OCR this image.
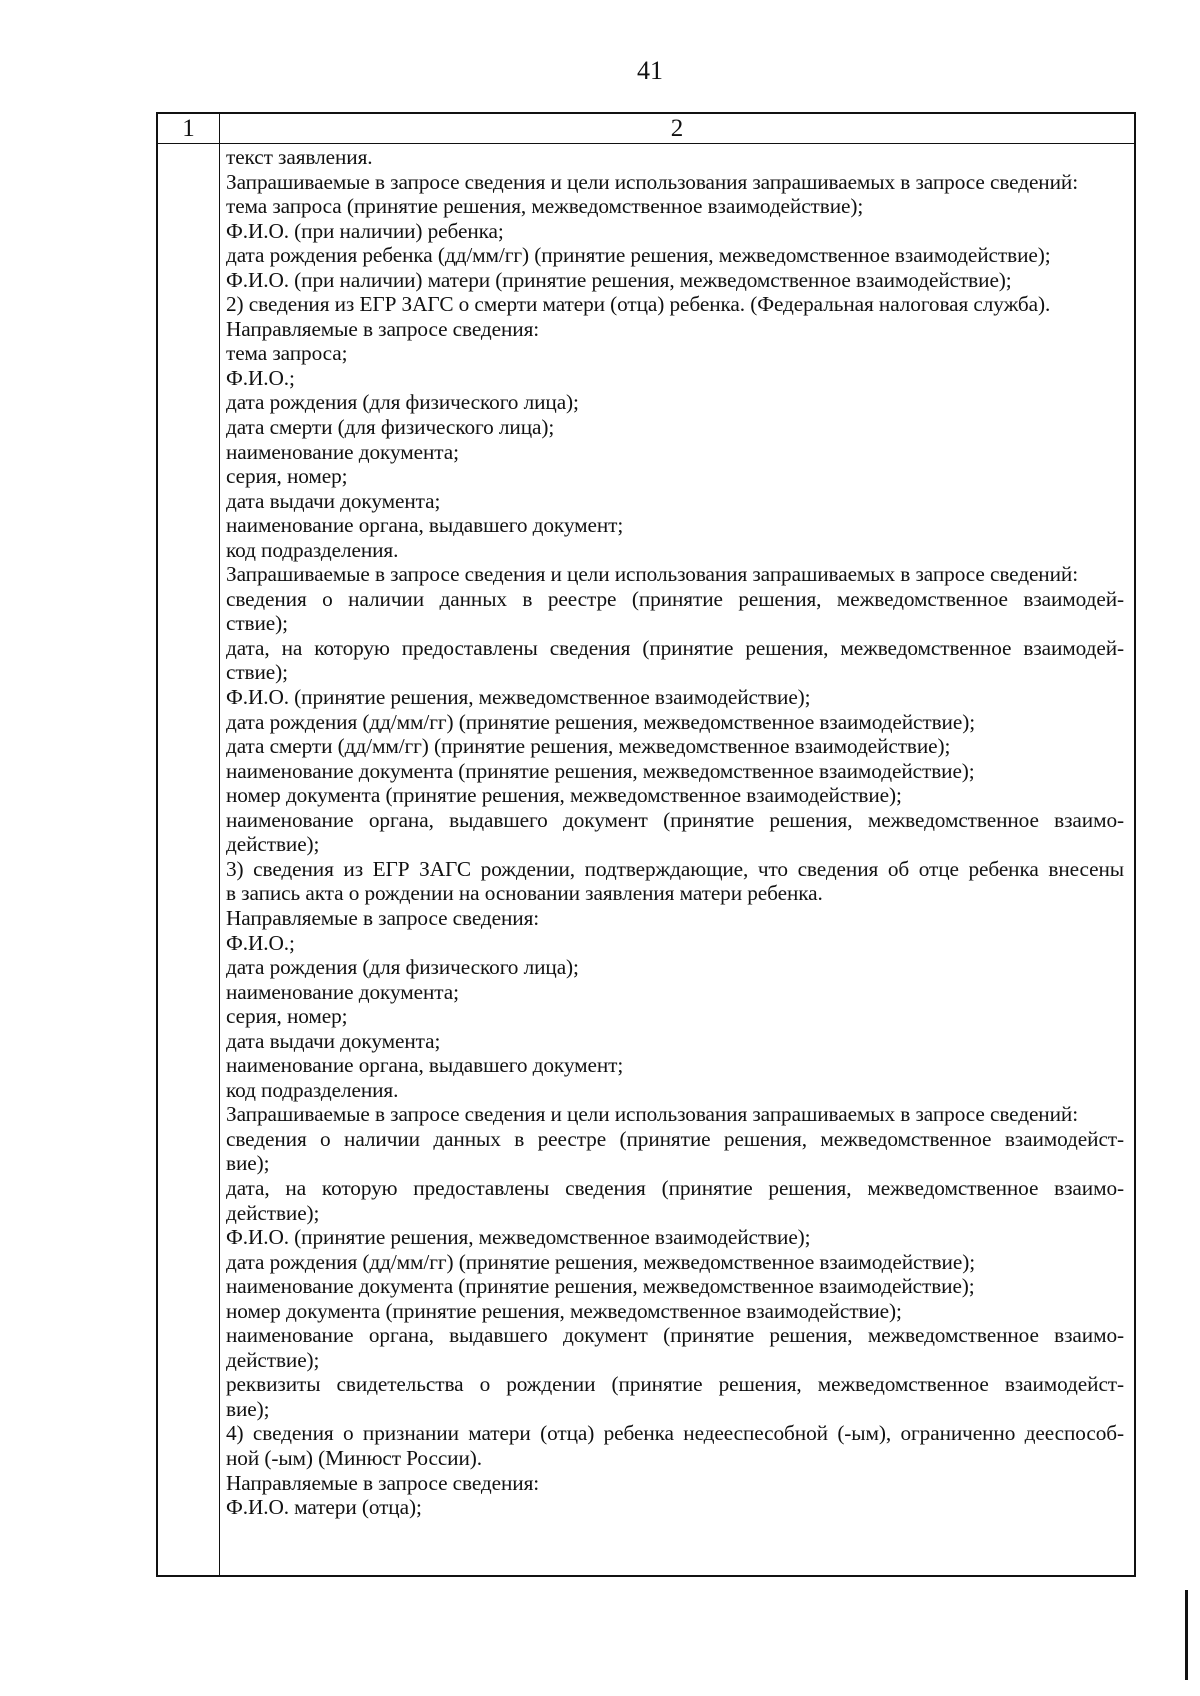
41
1	2
текст заявления.
Запрашиваемые в запросе сведения и цели использования запрашиваемых в запросе сведений:
тема запроса (принятие решения, межведомственное взаимодействие);
Ф.И.О. (при наличии) ребенка;
дата рождения ребенка (дд/мм/гг) (принятие решения, межведомственное взаимодействие);
Ф.И.О. (при наличии) матери (принятие решения, межведомственное взаимодействие);
2) сведения из ЕГР ЗАГС о смерти матери (отца) ребенка. (Федеральная налоговая служба).
Направляемые в запросе сведения:
тема запроса;
Ф.И.О.;
дата рождения (для физического лица);
дата смерти (для физического лица);
наименование документа;
серия, номер;
дата выдачи документа;
наименование органа, выдавшего документ;
код подразделения.
Запрашиваемые в запросе сведения и цели использования запрашиваемых в запросе сведений:
сведения о наличии данных в реестре (принятие решения, межведомственное взаимодей-
ствие);
дата, на которую предоставлены сведения (принятие решения, межведомственное взаимодей-
ствие);
Ф.И.О. (принятие решения, межведомственное взаимодействие);
дата рождения (дд/мм/гг) (принятие решения, межведомственное взаимодействие);
дата смерти (дд/мм/гг) (принятие решения, межведомственное взаимодействие);
наименование документа (принятие решения, межведомственное взаимодействие);
номер документа (принятие решения, межведомственное взаимодействие);
наименование органа, выдавшего документ (принятие решения, межведомственное взаимо-
действие);
3) сведения из ЕГР ЗАГС рождении, подтверждающие, что сведения об отце ребенка внесены
в запись акта о рождении на основании заявления матери ребенка.
Направляемые в запросе сведения:
Ф.И.О.;
дата рождения (для физического лица);
наименование документа;
серия, номер;
дата выдачи документа;
наименование органа, выдавшего документ;
код подразделения.
Запрашиваемые в запросе сведения и цели использования запрашиваемых в запросе сведений:
сведения о наличии данных в реестре (принятие решения, межведомственное взаимодейст-
вие);
дата, на которую предоставлены сведения (принятие решения, межведомственное взаимо-
действие);
Ф.И.О. (принятие решения, межведомственное взаимодействие);
дата рождения (дд/мм/гг) (принятие решения, межведомственное взаимодействие);
наименование документа (принятие решения, межведомственное взаимодействие);
номер документа (принятие решения, межведомственное взаимодействие);
наименование органа, выдавшего документ (принятие решения, межведомственное взаимо-
действие);
реквизиты свидетельства о рождении (принятие решения, межведомственное взаимодейст-
вие);
4) сведения о признании матери (отца) ребенка недееспесобной (-ым), ограниченно дееспособ-
ной (-ым) (Минюст России).
Направляемые в запросе сведения:
Ф.И.О. матери (отца);
